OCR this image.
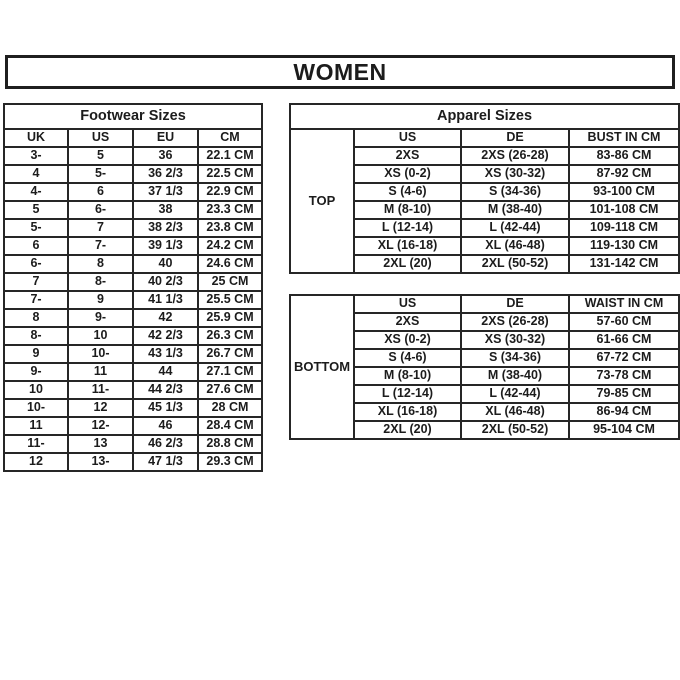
WOMEN
Footwear Sizes			
UK	US	EU	CM
3-	5	36	22.1 CM
4	5-	36 2/3	22.5 CM
4-	6	37 1/3	22.9 CM
5	6-	38	23.3 CM
5-	7	38 2/3	23.8 CM
6	7-	39 1/3	24.2 CM
6-	8	40	24.6 CM
7	8-	40 2/3	25 CM
7-	9	41 1/3	25.5 CM
8	9-	42	25.9 CM
8-	10	42 2/3	26.3 CM
9	10-	43 1/3	26.7 CM
9-	11	44	27.1 CM
10	11-	44 2/3	27.6 CM
10-	12	45 1/3	28 CM
11	12-	46	28.4 CM
11-	13	46 2/3	28.8 CM
12	13-	47 1/3	29.3 CM
Apparel Sizes			
TOP	US	DE	BUST IN CM
	2XS	2XS (26-28)	83-86 CM
	XS (0-2)	XS (30-32)	87-92 CM
	S (4-6)	S (34-36)	93-100 CM
	M (8-10)	M (38-40)	101-108 CM
	L (12-14)	L (42-44)	109-118 CM
	XL (16-18)	XL (46-48)	119-130 CM
	2XL (20)	2XL (50-52)	131-142 CM
BOTTOM	US	DE	WAIST IN CM
	2XS	2XS (26-28)	57-60 CM
	XS (0-2)	XS (30-32)	61-66 CM
	S (4-6)	S (34-36)	67-72 CM
	M (8-10)	M (38-40)	73-78 CM
	L (12-14)	L (42-44)	79-85 CM
	XL (16-18)	XL (46-48)	86-94 CM
	2XL (20)	2XL (50-52)	95-104 CM
